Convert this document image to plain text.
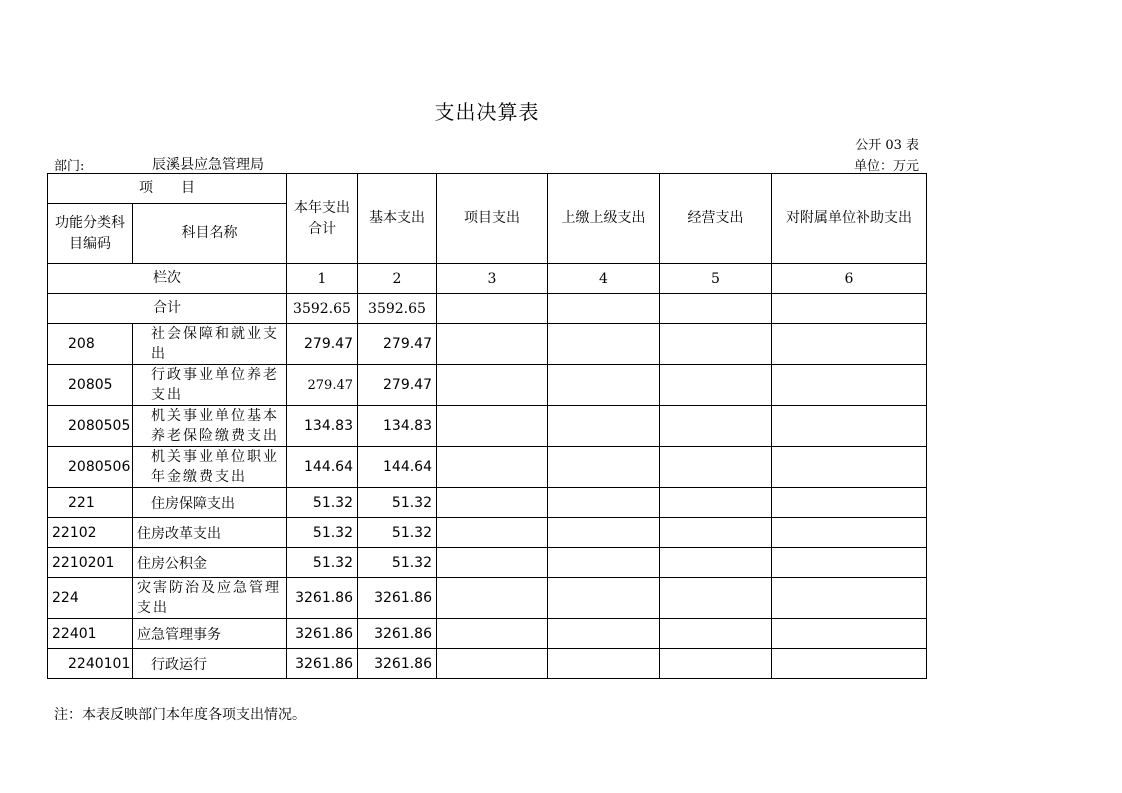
支出决算表
公开 03 表
部门:	辰溪县应急管理局	单位：万元
项　　目		本年支出合计	基本支出	项目支出	上缴上级支出	经营支出	对附属单位补助支出
功能分类科目编码	科目名称						
栏次		1	2	3	4	5	6
合计		3592.65	3592.65				
208	社会保障和就业支出	279.47	279.47				
20805	行政事业单位养老支出	279.47	279.47				
2080505	机关事业单位基本养老保险缴费支出	134.83	134.83				
2080506	机关事业单位职业年金缴费支出	144.64	144.64				
221	住房保障支出	51.32	51.32				
22102	住房改革支出	51.32	51.32				
2210201	住房公积金	51.32	51.32				
224	灾害防治及应急管理支出	3261.86	3261.86				
22401	应急管理事务	3261.86	3261.86				
2240101	行政运行	3261.86	3261.86				
注：本表反映部门本年度各项支出情况。
